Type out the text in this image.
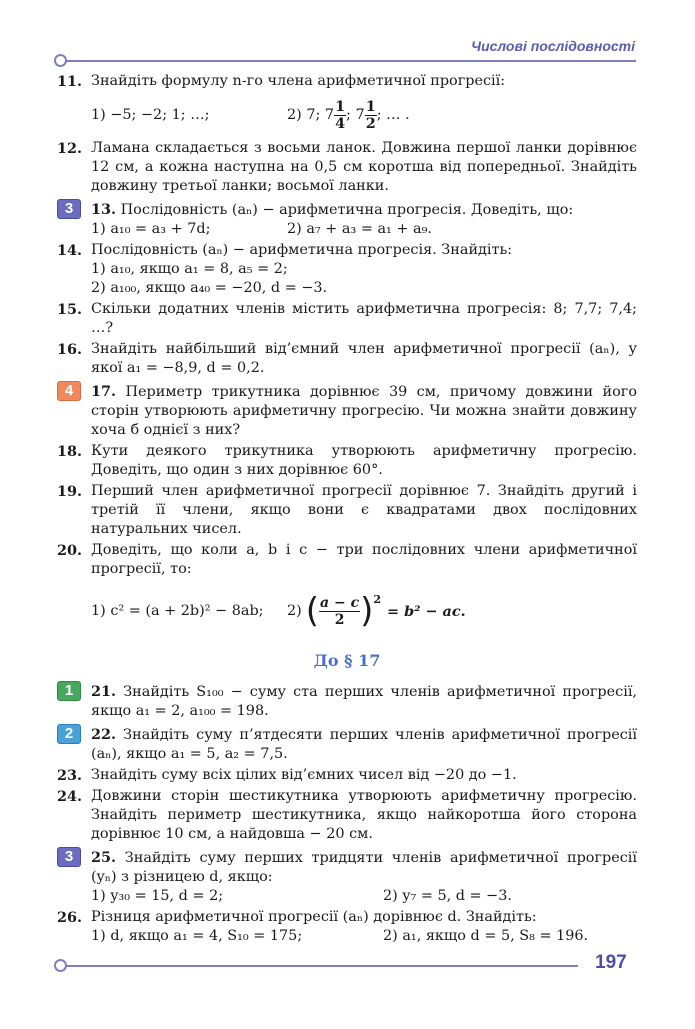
Числові послідовності
11. Знайдіть формулу n-го члена арифметичної прогресії:
1) −5; −2; 1; …;	2) 7; $7 \frac{1}{4}$ ; $7 \frac{1}{2}$ ; … .
12. Ламана складається з восьми ланок. Довжина першої ланки дорівнює 12 см, а кожна наступна на 0,5 см коротша від попередньої. Знайдіть довжину третьої ланки; восьмої ланки.
3	13. Послідовність (aₙ) − арифметична прогресія. Доведіть, що:
1) a₁₀ = a₃ + 7d;	2) a₇ + a₃ = a₁ + a₉.
14. Послідовність (aₙ) − арифметична прогресія. Знайдіть:
1) a₁₀, якщо a₁ = 8, a₅ = 2;
2) a₁₀₀, якщо a₄₀ = −20, d = −3.
15. Скільки додатних членів містить арифметична прогресія: 8; 7,7; 7,4; …?
16. Знайдіть найбільший від’ємний член арифметичної прогресії (aₙ), у якої a₁ = −8,9, d = 0,2.
4	17. Периметр трикутника дорівнює 39 см, причому довжини його сторін утворюють арифметичну прогресію. Чи можна знайти довжину хоча б однієї з них?
18. Кути деякого трикутника утворюють арифметичну прогресію. Доведіть, що один з них дорівнює 60°.
19. Перший член арифметичної прогресії дорівнює 7. Знайдіть другий і третій її члени, якщо вони є квадратами двох послідовних натуральних чисел.
20. Доведіть, що коли a, b і c − три послідовних члени арифметичної прогресії, то:
1) c² = (a + 2b)² − 8ab;	2) ( $\frac{a - c}{2} )^2$
= b² − ac.
До § 17
1	21. Знайдіть S₁₀₀ − суму ста перших членів арифметичної прогресії, якщо a₁ = 2, a₁₀₀ = 198.
2	22. Знайдіть суму п’ятдесяти перших членів арифметичної прогресії (aₙ), якщо a₁ = 5, a₂ = 7,5.
23. Знайдіть суму всіх цілих від’ємних чисел від −20 до −1.
24. Довжини сторін шестикутника утворюють арифметичну прогресію. Знайдіть периметр шестикутника, якщо найкоротша його сторона дорівнює 10 см, а найдовша − 20 см.
3	25. Знайдіть суму перших тридцяти членів арифметичної прогресії (yₙ) з різницею d, якщо:
1) y₃₀ = 15, d = 2;	2) y₇ = 5, d = −3.
26. Різниця арифметичної прогресії (aₙ) дорівнює d. Знайдіть:
1) d, якщо a₁ = 4, S₁₀ = 175;	2) a₁, якщо d = 5, S₈ = 196.
197
